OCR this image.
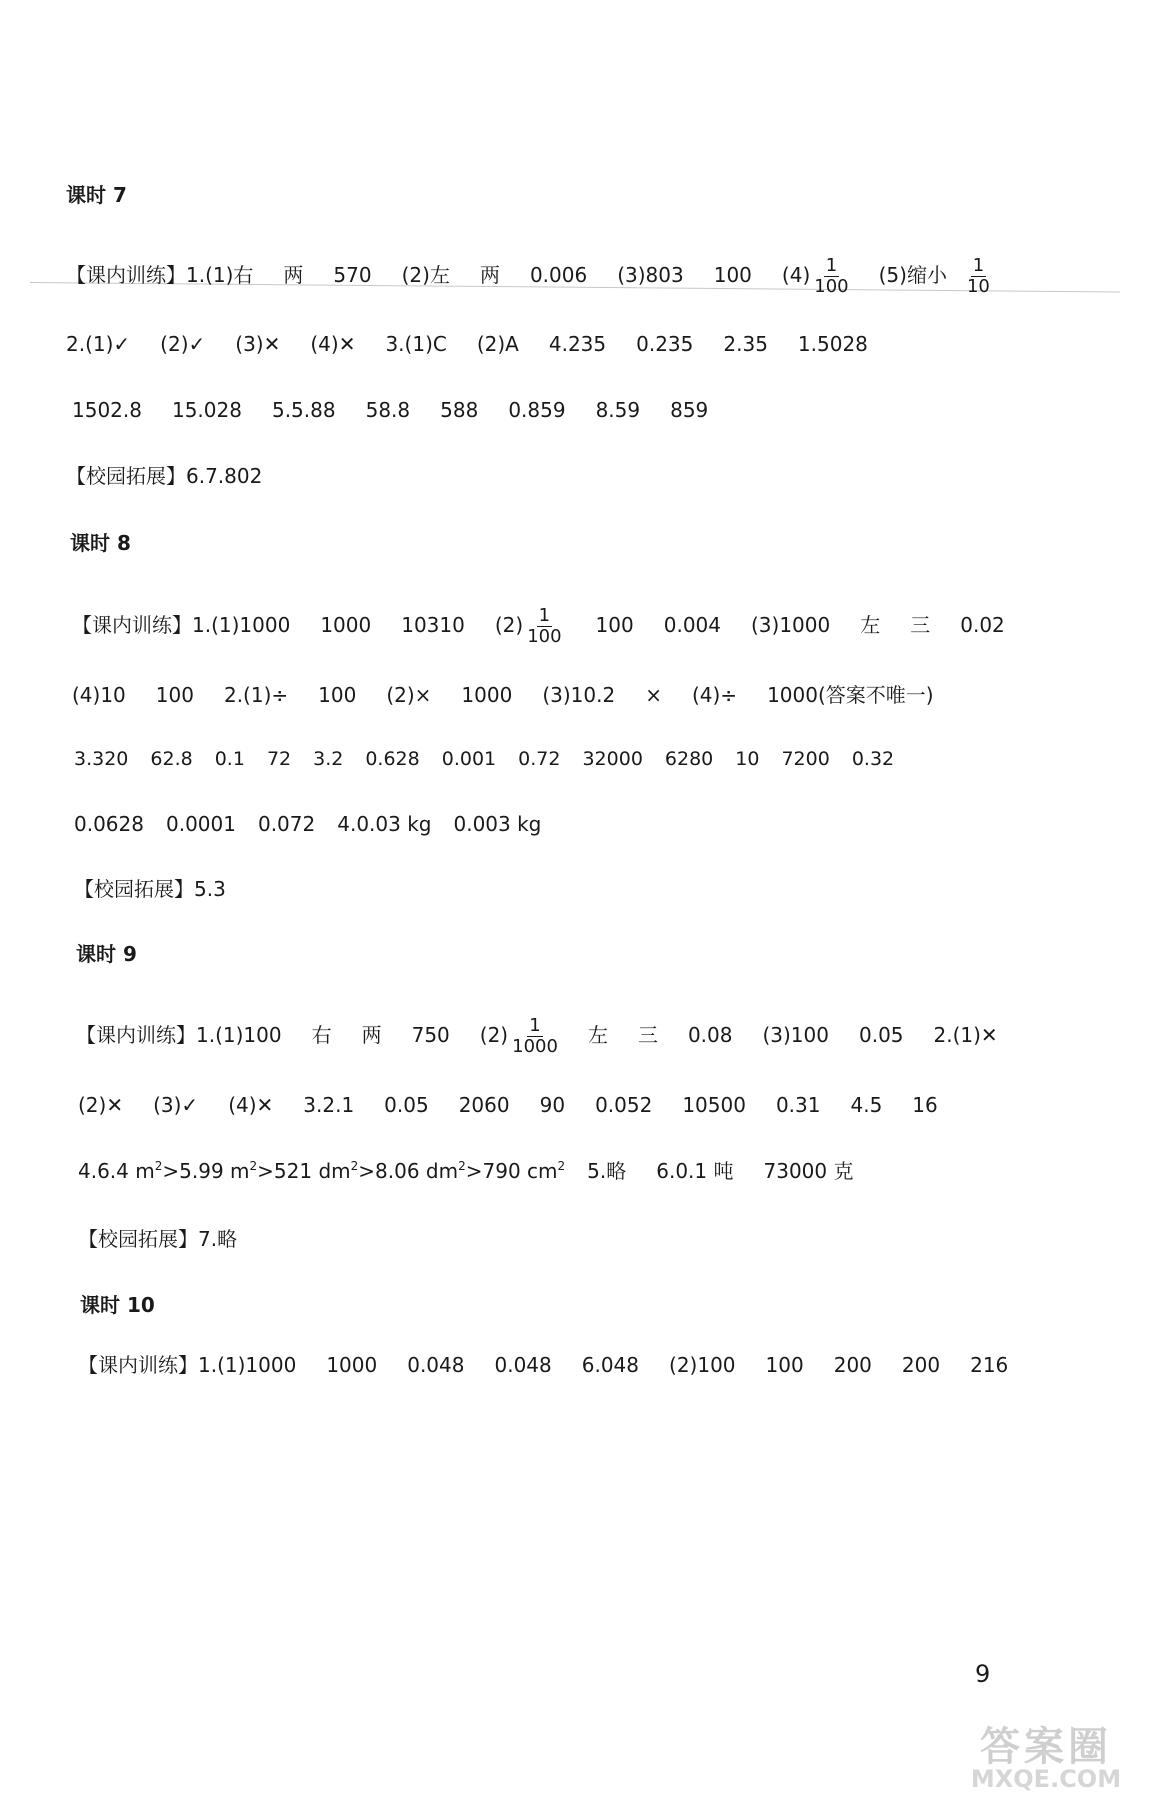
课时 7
【课内训练】1.(1)右 两 570 (2)左 两 0.006 (3)803 100 $(4) \frac{1}{100} (5)$缩小 $\frac{1}{10}$
2.(1)✓ (2)✓ (3)✕ (4)✕ 3.(1)C (2)A 4.235 0.235 2.35 1.5028
1502.8 15.028 5.5.88 58.8 588 0.859 8.59 859
【校园拓展】6.7.802
课时 8
【课内训练】1.(1)1000 1000 10310 $(2) \frac{1}{100} 100$ 0.004 (3)1000 左 三 0.02
(4)10 100 2.(1)÷ 100 (2)× 1000 (3)10.2 × (4)÷ 1000(答案不唯一)
3.320 62.8 0.1 72 3.2 0.628 0.001 0.72 32000 6280 10 7200 0.32
0.0628 0.0001 0.072 4.0.03 kg 0.003 kg
【校园拓展】5.3
课时 9
【课内训练】1.(1)100 右 两 750 $(2) \frac{1}{1000}$ 左 三 0.08 (3)100 0.05 2.(1)✕
(2)✕ (3)✓ (4)✕ 3.2.1 0.05 2060 90 0.052 10500 0.31 4.5 16
4.6.4 $m^2>5.99$ $m^2>521$ $dm^2>8.06$ $dm^2>790$ $cm^2$ 5.略 6.0.1 吨 73000 克
【校园拓展】7.略
课时 10
【课内训练】1.(1)1000 1000 0.048 0.048 6.048 (2)100 100 200 200 216
9
答案圈
MXQE.COM
